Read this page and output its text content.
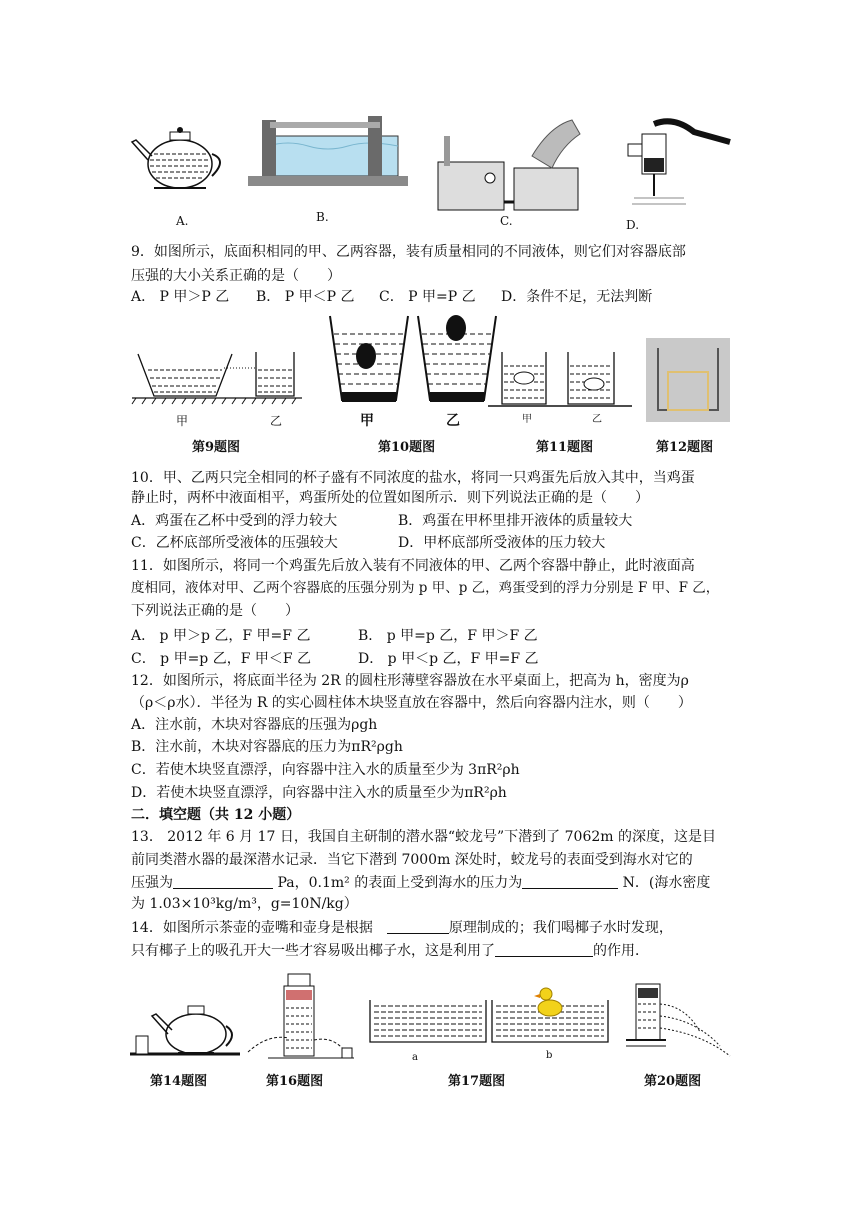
A.	B.	C.	D.
9．如图所示，底面积相同的甲、乙两容器，装有质量相同的不同液体，则它们对容器底部
压强的大小关系正确的是（　　）
A． P 甲＞P 乙 B． P 甲＜P 乙 C． P 甲=P 乙 D．条件不足，无法判断
甲	乙
第9题图
甲	乙
第10题图
甲	乙
第11题图	第12题图
10．甲、乙两只完全相同的杯子盛有不同浓度的盐水，将同一只鸡蛋先后放入其中，当鸡蛋
静止时，两杯中液面相平，鸡蛋所处的位置如图所示．则下列说法正确的是（　　）
A．鸡蛋在乙杯中受到的浮力较大	B．鸡蛋在甲杯里排开液体的质量较大
C．乙杯底部所受液体的压强较大	D．甲杯底部所受液体的压力较大
11．如图所示，将同一个鸡蛋先后放入装有不同液体的甲、乙两个容器中静止，此时液面高
度相同，液体对甲、乙两个容器底的压强分别为 p 甲、p 乙，鸡蛋受到的浮力分别是 F 甲、F 乙，
下列说法正确的是（　　）
A． p 甲＞p 乙，F 甲=F 乙	B． p 甲=p 乙，F 甲＞F 乙
C． p 甲=p 乙，F 甲＜F 乙	D． p 甲＜p 乙，F 甲=F 乙
12．如图所示，将底面半径为 2R 的圆柱形薄壁容器放在水平桌面上，把高为 h，密度为ρ
（ρ＜ρ水）．半径为 R 的实心圆柱体木块竖直放在容器中，然后向容器内注水，则（　　）
A．注水前，木块对容器底的压强为ρgh
B．注水前，木块对容器底的压力为πR²ρgh
C．若使木块竖直漂浮，向容器中注入水的质量至少为 3πR²ρh
D．若使木块竖直漂浮，向容器中注入水的质量至少为πR²ρh
二．填空题（共 12 小题）
13． 2012 年 6 月 17 日，我国自主研制的潜水器“蛟龙号”下潜到了 7062m 的深度，这是目
前同类潜水器的最深潜水记录．当它下潜到 7000m 深处时，蛟龙号的表面受到海水对它的
压强为	Pa，0.1m² 的表面上受到海水的压力为	N．(海水密度
为 1.03×10³kg/m³，g=10N/kg）
14．如图所示茶壶的壶嘴和壶身是根据　	原理制成的；我们喝椰子水时发现，
只有椰子上的吸孔开大一些才容易吸出椰子水，这是利用了	的作用．
第14题图	第16题图
a	b
第17题图	第20题图
